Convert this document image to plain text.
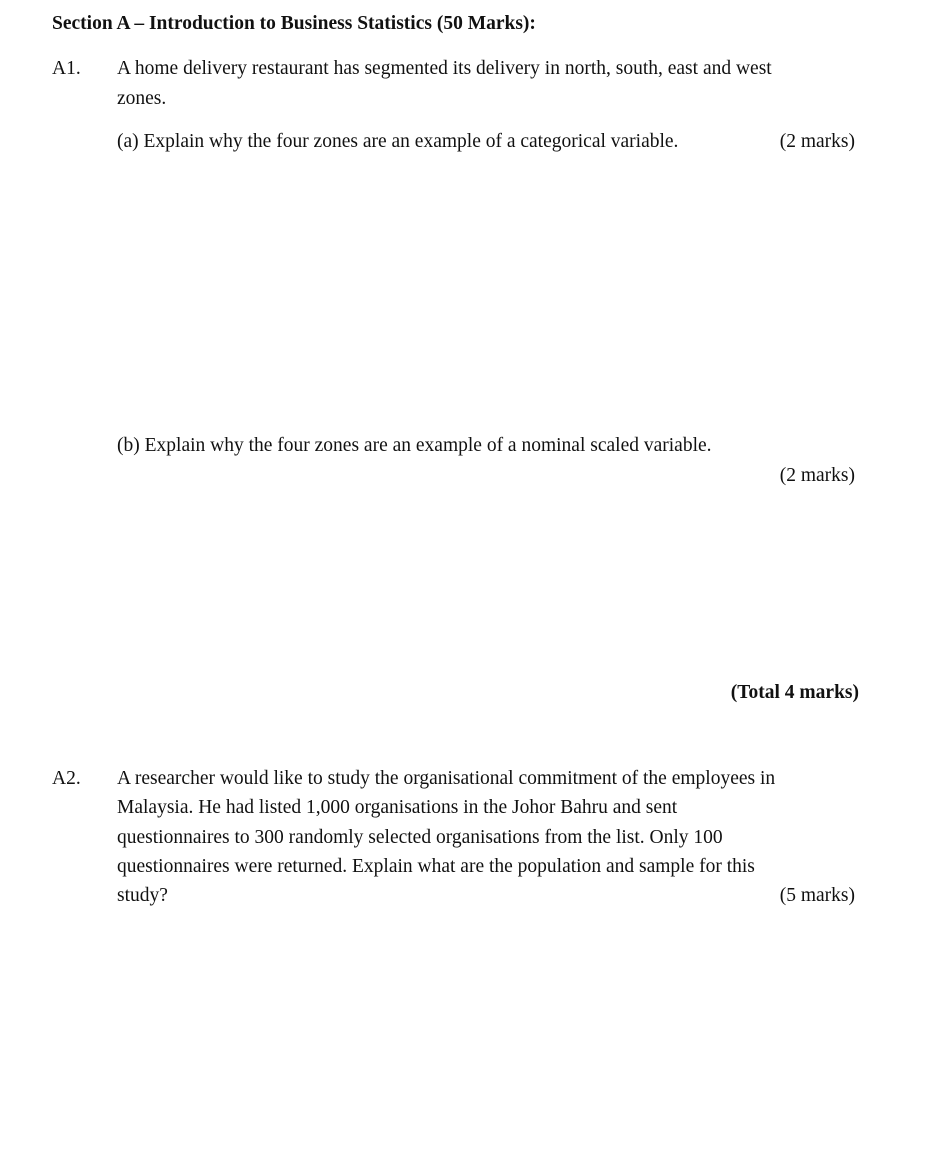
Section A – Introduction to Business Statistics (50 Marks):
A1. A home delivery restaurant has segmented its delivery in north, south, east and west
zones.
(a) Explain why the four zones are an example of a categorical variable.	(2 marks)
(b) Explain why the four zones are an example of a nominal scaled variable.
(2 marks)
(Total 4 marks)
A2. A researcher would like to study the organisational commitment of the employees in
Malaysia. He had listed 1,000 organisations in the Johor Bahru and sent
questionnaires to 300 randomly selected organisations from the list. Only 100
questionnaires were returned. Explain what are the population and sample for this
study?	(5 marks)
